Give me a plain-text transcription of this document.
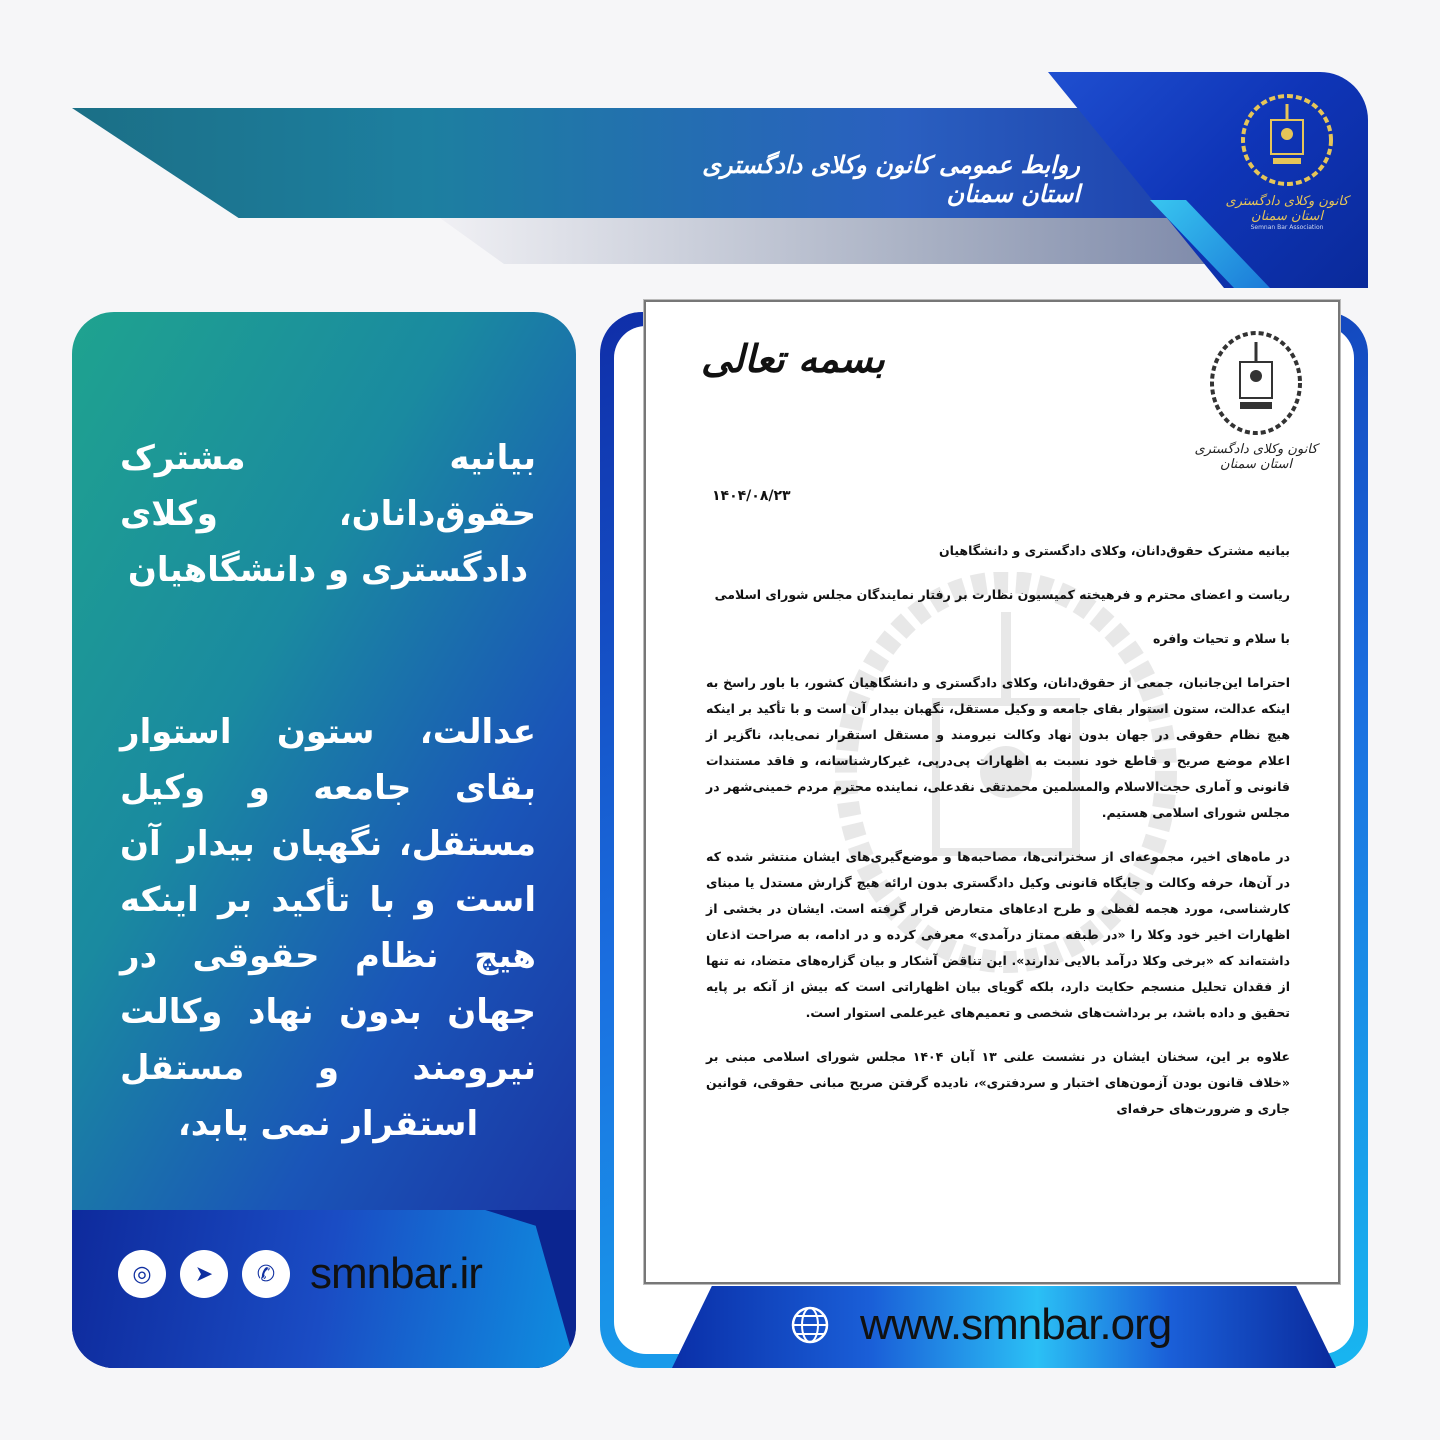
روابط عمومی کانون وکلای دادگستری استان سمنان	کانون وکلای دادگستری استان سمنان
Semnan Bar Association
بیانیه مشترک حقوق‌دانان، وکلای دادگستری و دانشگاهیان
عدالت، ستون استوار بقای جامعه و وکیل مستقل، نگهبان بیدار آن است و با تأکید بر اینکه هیچ نظام حقوقی در جهان بدون نهاد وکالت نیرومند و مستقل استقرار نمی یابد،
◎	➤	✆ smnbar.ir
بسمه تعالی
کانون وکلای دادگستری استان سمنان
۱۴۰۴/۰۸/۲۳

بیانیه مشترک حقوق‌دانان، وکلای دادگستری و دانشگاهیان

ریاست و اعضای محترم و فرهیخته کمیسیون نظارت بر رفتار نمایندگان مجلس شورای اسلامی

با سلام و تحیات وافره

احتراما این‌جانبان، جمعی از حقوق‌دانان، وکلای دادگستری و دانشگاهیان کشور، با باور راسخ به اینکه عدالت، ستون استوار بقای جامعه و وکیل مستقل، نگهبان بیدار آن است و با تأکید بر اینکه هیچ نظام حقوقی در جهان بدون نهاد وکالت نیرومند و مستقل استقرار نمی‌یابد، ناگزیر از اعلام موضع صریح و قاطع خود نسبت به اظهارات پی‌درپی، غیرکارشناسانه، و فاقد مستندات قانونی و آماری حجت‌الاسلام والمسلمین محمدتقی نقدعلی، نماینده محترم مردم خمینی‌شهر در مجلس شورای اسلامی هستیم.

در ماه‌های اخیر، مجموعه‌ای از سخنرانی‌ها، مصاحبه‌ها و موضع‌گیری‌های ایشان منتشر شده که در آن‌ها، حرفه وکالت و جایگاه قانونی وکیل دادگستری بدون ارائه هیچ گزارش مستدل یا مبنای کارشناسی، مورد هجمه لفظی و طرح ادعاهای متعارض قرار گرفته است. ایشان در بخشی از اظهارات اخیر خود وکلا را «در طبقه ممتاز درآمدی» معرفی کرده و در ادامه، به صراحت اذعان داشته‌اند که «برخی وکلا درآمد بالایی ندارند». این تناقض آشکار و بیان گزاره‌های متضاد، نه تنها از فقدان تحلیل منسجم حکایت دارد، بلکه گویای بیان اظهاراتی است که بیش از آنکه بر پایه تحقیق و داده باشد، بر برداشت‌های شخصی و تعمیم‌های غیرعلمی استوار است.

علاوه بر این، سخنان ایشان در نشست علنی ۱۳ آبان ۱۴۰۴ مجلس شورای اسلامی مبنی بر «خلاف قانون بودن آزمون‌های اختبار و سردفتری»، نادیده گرفتن صریح مبانی حقوقی، قوانین جاری و ضرورت‌های حرفه‌ای

www.smnbar.org
